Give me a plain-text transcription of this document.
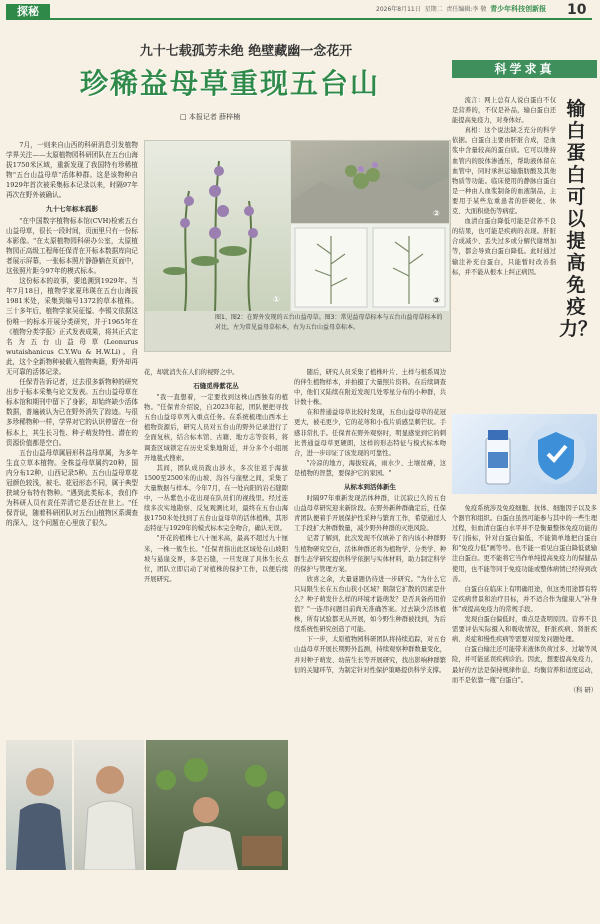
探秘	2026年8月11日 星期二 责任编辑:李 敬 青少年科技创新报	10
九十七载孤芳未绝 绝壁藏幽一念花开
珍稀益母草重现五台山
□ 本报记者 薛梓楠

7月，一则来自山西的科研消息引发植物学界关注——太原植物园科研团队在五台山海拔1750米区域，重新发现了我国特有珍稀植物"五台山益母草"活体种群。这是该物种自1929年首次被采集标本记录以来，时隔97年再次在野外被确认。

九十七年标本孤影

"在中国数字植物标本馆(CVH)检索五台山益母草，很长一段时间，页面里只有一份标本影像。"在太原植物园科研办公室，太原植物园正高级工程师任保青在开标本数据库向记者展示屏幕，一张标本照片静静躺在页面中，这张照片距今97年的模式标本。

这份标本的故事，要追溯到1929年。当年7月18日，植物学家夏玮瑛在五台山海拔1981米处，采集到编号1372的草本植株。三十多年后，植物学家吴征镒、李锡文依据这份唯一的标本开展分类研究，并于1965年在《植物分类学报》正式发表成果，将其正式定名为五台山益母草(Leonurus wutaishanicus C.Y.Wu & H.W.Li)。自此，这个全新物种被载入植物典籍，野外却再无可靠的活体记录。

任保青告诉记者，过去很多新物种的研究出步于标本采集与论文发表。五台山益母草在标本馆和期刊中留下了身影，却始终缺少活体数据，普遍被认为已在野外消失了踪迹。与很多珍稀物种一样，学界对它的认识停留在一份标本上，其生长习性、种子萌发特性、潜在的资源价值都是空白。

五台山益母草属唇形科益母草属，为多年生直立草本植物。全株益母草属约20种，国内分布12种，山西记录5种。五台山益母草花冠颜色较浅，被毛、花冠形态不同，属于典型狭域分布特有物种。"遇到此类标本，我们作为科研人员有责任弄清它是否还在世上。"任保青说，随着科研团队对五台山植物区系调查的深入，这个问题在心里放了很久。

①
②
③
图1、图2：在野外发现的五台山益母草。图3：常见益母草标本与五台山益母草标本的对比，左为常见益母草标本，右为五台山益母草标本。

花，却就消失在人们的视野之中。

石缝觅得紫花丛

"我一直想着，一定要找到这株山西独有的植物。"任保青介绍说，自2023年起，团队便把寻找五台山益母草列入重点任务。在系统梳理山西本土植物资源后，研究人员对五台山的野外记录进行了全面复核，结合标本馆、古籍、地方志等资料，将调查区域锁定在历史采集地附近，并分多个小组展开地毯式搜索。

其间，团队成员跋山涉水，多次往返于海拔1500至2500米的山坡、沟谷与崖壁之间，采集了大量数据与样本。今年7月，在一处向阳的岩石缝隙中，一丛紫色小花出现在队员们的视线里。经过连续多次实地勘察、反复观测比对，最终在五台山海拔1750米处找到了五台山益母草的活体植株，其形态特征与1929年的模式标本完全吻合，确认无误。

"开花的植株七八十厘米高，最高不超过九十厘米，一株一簇生长。"任保青指出此区域处在山坡阳坡与悬崖交界，多是石缝，一旦发现了具体生长点位，团队立即启动了对植株的保护工作，以便后续开展研究。

随后，研究人员采集了植株叶片、土样与根系周边的伴生植物样本，并拍摄了大量照片资料。在后续调查中，他们又陆续在附近发现几处零星分布的小种群，共计数十株。

在和普通益母草比较时发现，五台山益母草的花冠更大，被毛更少，它的花萼和小苞片质感呈刺芒状。手感非常扎手。任保青在野外观察时，明显感觉到它的刺比普通益母草更硬朗，这样的形态特征与模式标本吻合，进一步印证了该发现的可靠性。

"冷凉的地方，海拔较高，雨水少、土壤贫瘠，这是植物的智慧，要保护它的家园。"

从标本到活体新生

时隔97年重新发现活体种群，让沉寂已久的五台山益母草研究迎来新阶段。在野外新种群确定后，任保青团队便着手开展保护性采种与繁育工作，希望通过人工手段扩大种群数量，减少野外种群的灭绝风险。

记者了解到，此次发现不仅填补了省内该小种群野生植物研究空白，活体种群还将为植物学、分类学、种群生态学研究提供科学依据与实体材料，助力制定科学的保护与管理方案。

欣喜之余，大量谜题仍待进一步研究。"为什么它只局限生长在五台山狭小区域？限制它扩散的因素是什么？种子萌发什么样的环境才能萌发？是否具备药用价值？"一连串问题目前尚无准确答案。过去缺少活体植株，所有试验都无从开展，如今野生种群被找到，为后续系统性研究创造了可能。

下一步，太原植物园科研团队将持续追踪，对五台山益母草开展长期野外监测，持续观察种群数量变化，并对种子萌发、幼苗生长等开展研究，找出影响种群繁衍的关键环节，为制定针对性保护策略提供科学支撑。

科学求真
输白蛋白可以提高免疫力？

流言：网上总有人说白蛋白不仅是营养的，不仅是补品，输白蛋白还能提高免疫力，对身体好。

真相：这个说法缺乏充分的科学依据。白蛋白主要由肝脏合成，是血浆中含量较高的蛋白质。它可以维持血管内的胶体渗透压，帮助液体留在血管中，同时承担运输脂肪酸及其他物质等功能。临床使用的静脉白蛋白是一种由人血浆制备的血液制品，主要用于某些危重患者的肝硬化、休克、大面积烧伤等病症。

血清白蛋白降低可能是营养不良的结果，也可能是疾病的表现。肝脏合成减少、丢失过多或分解代谢增加等，都会导致白蛋白降低。此时通过输注补充白蛋白，只能暂时改善指标，并不能从根本上纠正病因。

免疫系统涉及免疫细胞、抗体、细胞因子以及多个器官和组织。白蛋白虽然可能参与其中的一些生理过程，但血清白蛋白水平并不是衡量整体免疫功能的专门指标，针对白蛋白偏低，不能简单地把白蛋白和"免疫力低"画等号。也不能一看见白蛋白降低就输注白蛋白。更不能将它当作单纯提高免疫力的保健品使用，也不能等同于免疫功能或整体病情已经得到改善。

白蛋白在临床上有明确用途，但这类用途都有特定疾病背景和治疗目标，并不适合作为健康人"补身体"或提高免疫力的常规手段。

发现白蛋白偏低时，重点是查明原因。营养不良需要评估实际摄入和吸收情况，肝脏疾病、肾脏疾病、炎症和慢性疾病等需要对原发问题处理。

白蛋白输注还可能带来液体负荷过多、过敏等风险，并可能延误疾病诊治。因此，想要提高免疫力，最好的方法是保持规律作息、均衡营养和适度运动，而不是依靠一瓶"白蛋白"。

（科 研）
